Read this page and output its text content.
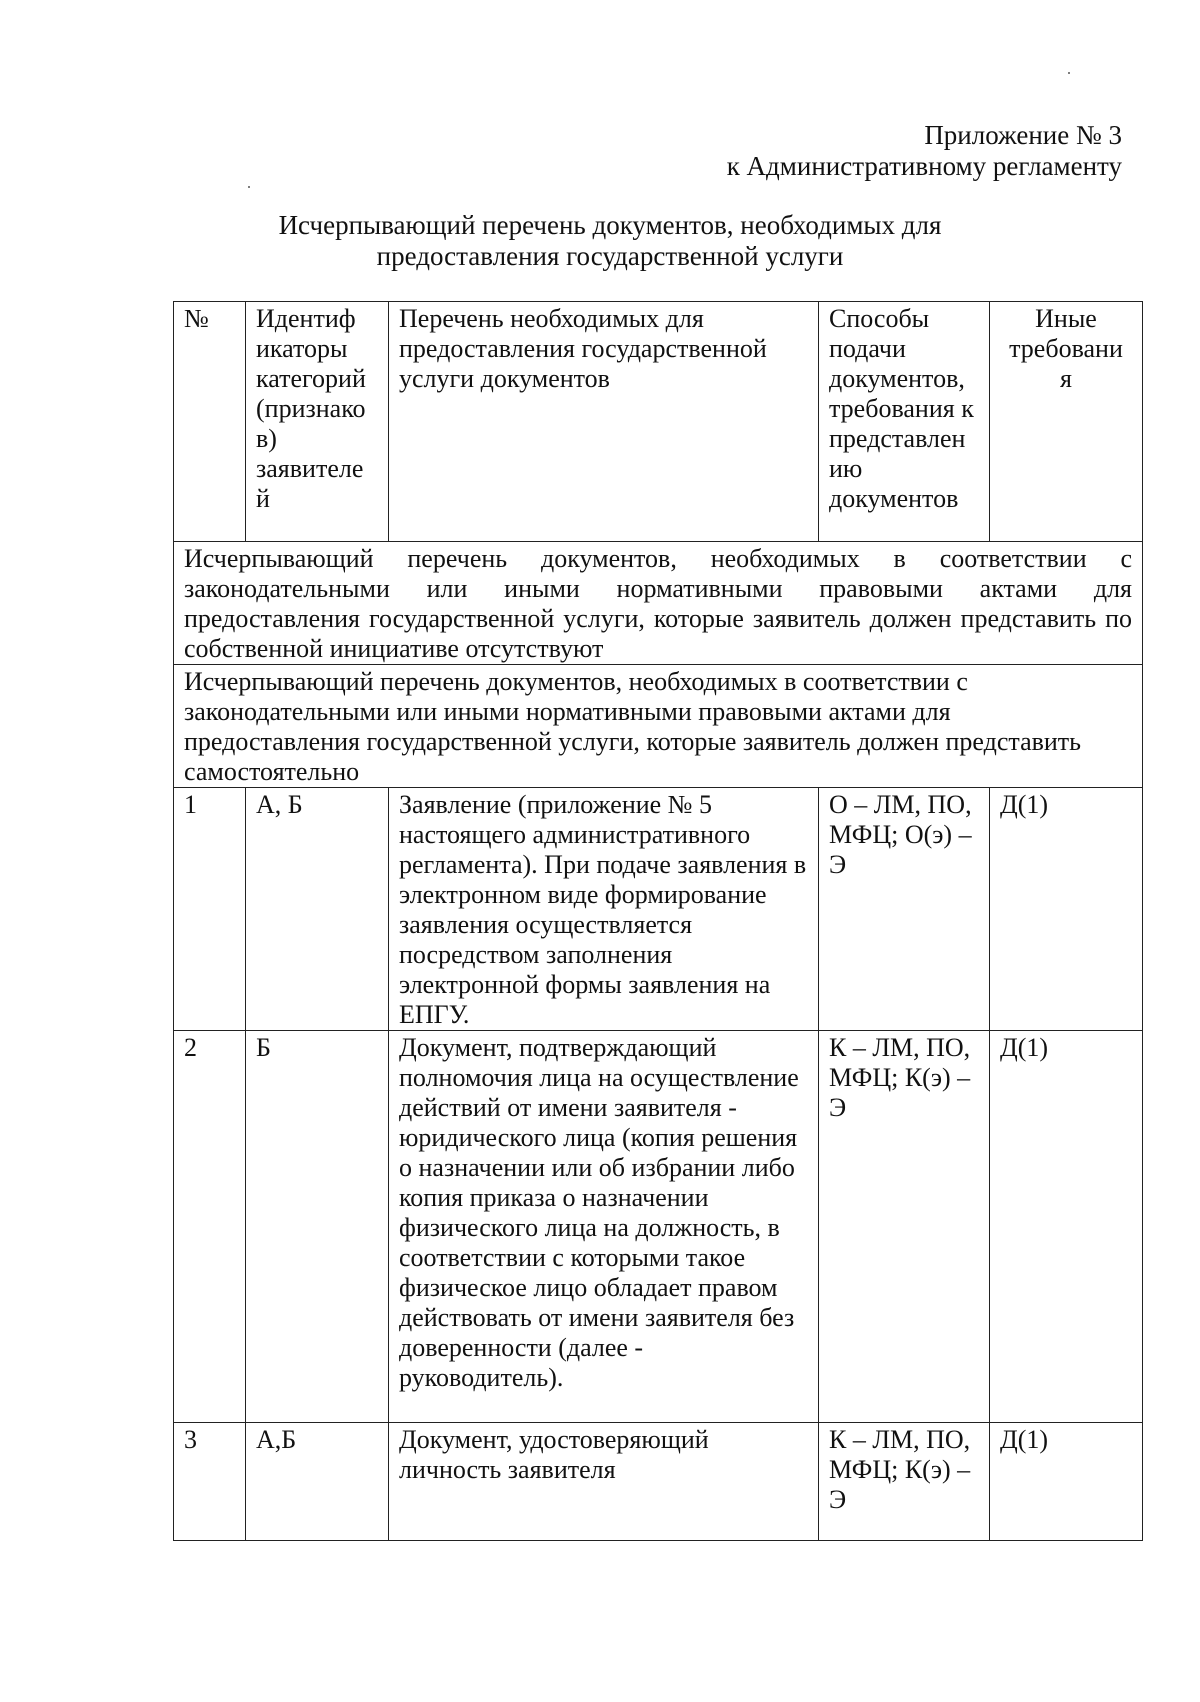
Приложение № 3
к Административному регламенту
Исчерпывающий перечень документов, необходимых для
предоставления государственной услуги
№	Идентиф икаторы категорий (признако в) заявителе й	Перечень необходимых для предоставления государственной услуги документов	Способы подачи документов, требования к представлен ию документов	Иные требовани я
Исчерпывающий перечень документов, необходимых в соответствии с законодательными или иными нормативными правовыми актами для предоставления государственной услуги, которые заявитель должен представить по собственной инициативе отсутствуют				
Исчерпывающий перечень документов, необходимых в соответствии с законодательными или иными нормативными правовыми актами для предоставления государственной услуги, которые заявитель должен представить самостоятельно				
1	А, Б	Заявление (приложение № 5 настоящего административного регламента). При подаче заявления в электронном виде формирование заявления осуществляется посредством заполнения электронной формы заявления на ЕПГУ.	О – ЛМ, ПО, МФЦ; О(э) – Э	Д(1)
2	Б	Документ, подтверждающий полномочия лица на осуществление действий от имени заявителя - юридического лица (копия решения о назначении или об избрании либо копия приказа о назначении физического лица на должность, в соответствии с которыми такое физическое лицо обладает правом действовать от имени заявителя без доверенности (далее - руководитель).	К – ЛМ, ПО, МФЦ; К(э) – Э	Д(1)
3	А,Б	Документ, удостоверяющий личность заявителя	К – ЛМ, ПО, МФЦ; К(э) – Э	Д(1)
